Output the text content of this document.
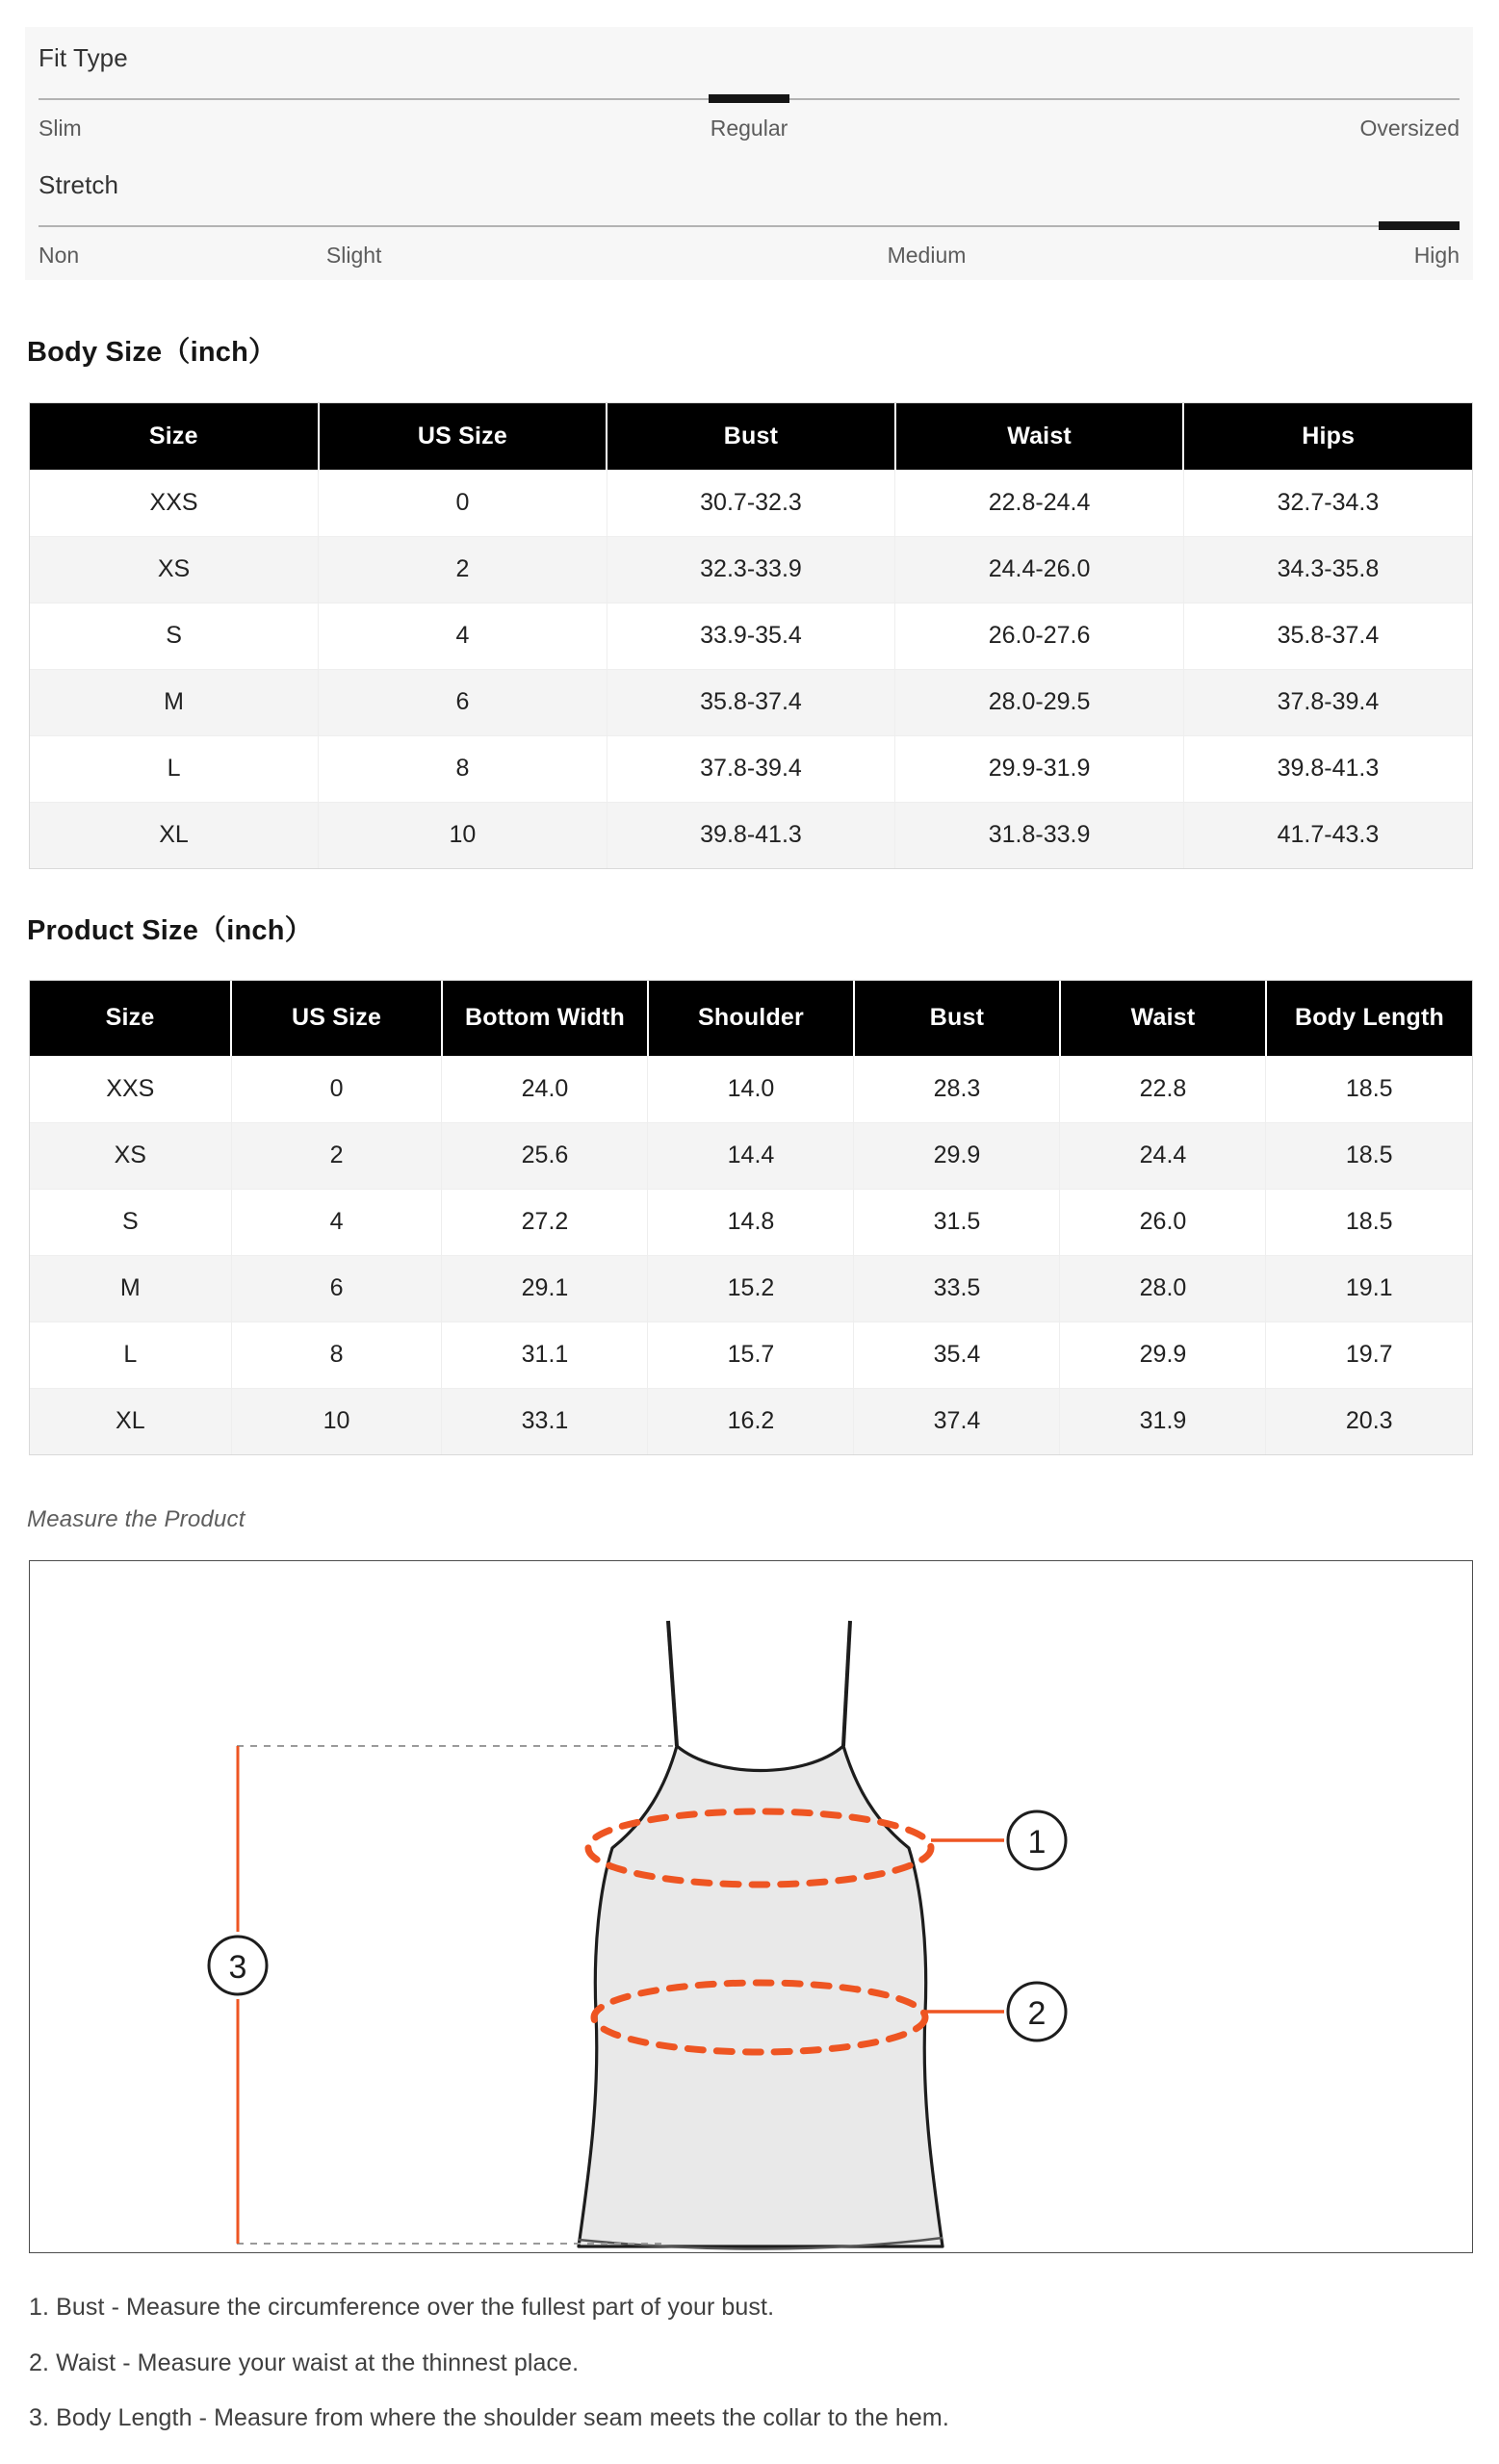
Fit Type
Slim	Regular	Oversized
Stretch
Non	Slight	Medium	High
Body Size（inch）
Size	US Size	Bust	Waist	Hips
XXS	0	30.7-32.3	22.8-24.4	32.7-34.3
XS	2	32.3-33.9	24.4-26.0	34.3-35.8
S	4	33.9-35.4	26.0-27.6	35.8-37.4
M	6	35.8-37.4	28.0-29.5	37.8-39.4
L	8	37.8-39.4	29.9-31.9	39.8-41.3
XL	10	39.8-41.3	31.8-33.9	41.7-43.3
Product Size（inch）
Size	US Size	Bottom Width	Shoulder	Bust	Waist	Body Length
XXS	0	24.0	14.0	28.3	22.8	18.5
XS	2	25.6	14.4	29.9	24.4	18.5
S	4	27.2	14.8	31.5	26.0	18.5
M	6	29.1	15.2	33.5	28.0	19.1
L	8	31.1	15.7	35.4	29.9	19.7
XL	10	33.1	16.2	37.4	31.9	20.3
Measure the Product
1
2
3

1. Bust - Measure the circumference over the fullest part of your bust.

2. Waist - Measure your waist at the thinnest place.

3. Body Length - Measure from where the shoulder seam meets the collar to the hem.
